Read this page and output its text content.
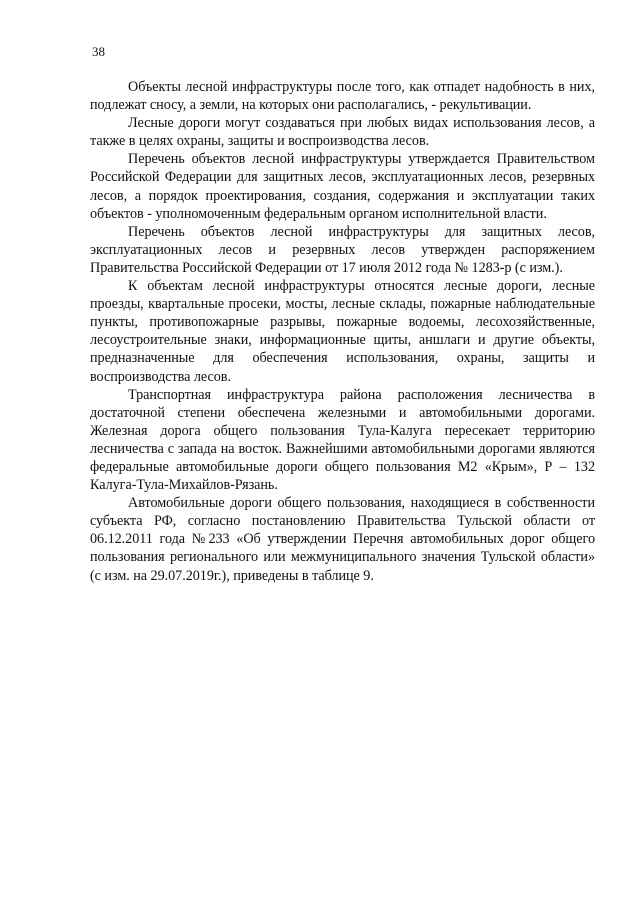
38

Объекты лесной инфраструктуры после того, как отпадет надобность в них, подлежат сносу, а земли, на которых они располагались, - рекультивации.

Лесные дороги могут создаваться при любых видах использования лесов, а также в целях охраны, защиты и воспроизводства лесов.

Перечень объектов лесной инфраструктуры утверждается Правительством Российской Федерации для защитных лесов, эксплуатационных лесов, резервных лесов, а порядок проектирования, создания, содержания и эксплуатации таких объектов - уполномоченным федеральным органом исполнительной власти.

Перечень объектов лесной инфраструктуры для защитных лесов, эксплуатационных лесов и резервных лесов утвержден распоряжением Правительства Российской Федерации от 17 июля 2012 года № 1283-р (с изм.).

К объектам лесной инфраструктуры относятся лесные дороги, лесные проезды, квартальные просеки, мосты, лесные склады, пожарные наблюдательные пункты, противопожарные разрывы, пожарные водоемы, лесохозяйственные, лесоустроительные знаки, информационные щиты, аншлаги и другие объекты, предназначенные для обеспечения использования, охраны, защиты и воспроизводства лесов.

Транспортная инфраструктура района расположения лесничества в достаточной степени обеспечена железными и автомобильными дорогами. Железная дорога общего пользования Тула-Калуга пересекает территорию лесничества с запада на восток. Важнейшими автомобильными дорогами являются федеральные автомобильные дороги общего пользования М2 «Крым», Р – 132 Калуга-Тула-Михайлов-Рязань.

Автомобильные дороги общего пользования, находящиеся в собственности субъекта РФ, согласно постановлению Правительства Тульской области от 06.12.2011 года №233 «Об утверждении Перечня автомобильных дорог общего пользования регионального или межмуниципального значения Тульской области» (с изм. на 29.07.2019г.), приведены в таблице 9.
